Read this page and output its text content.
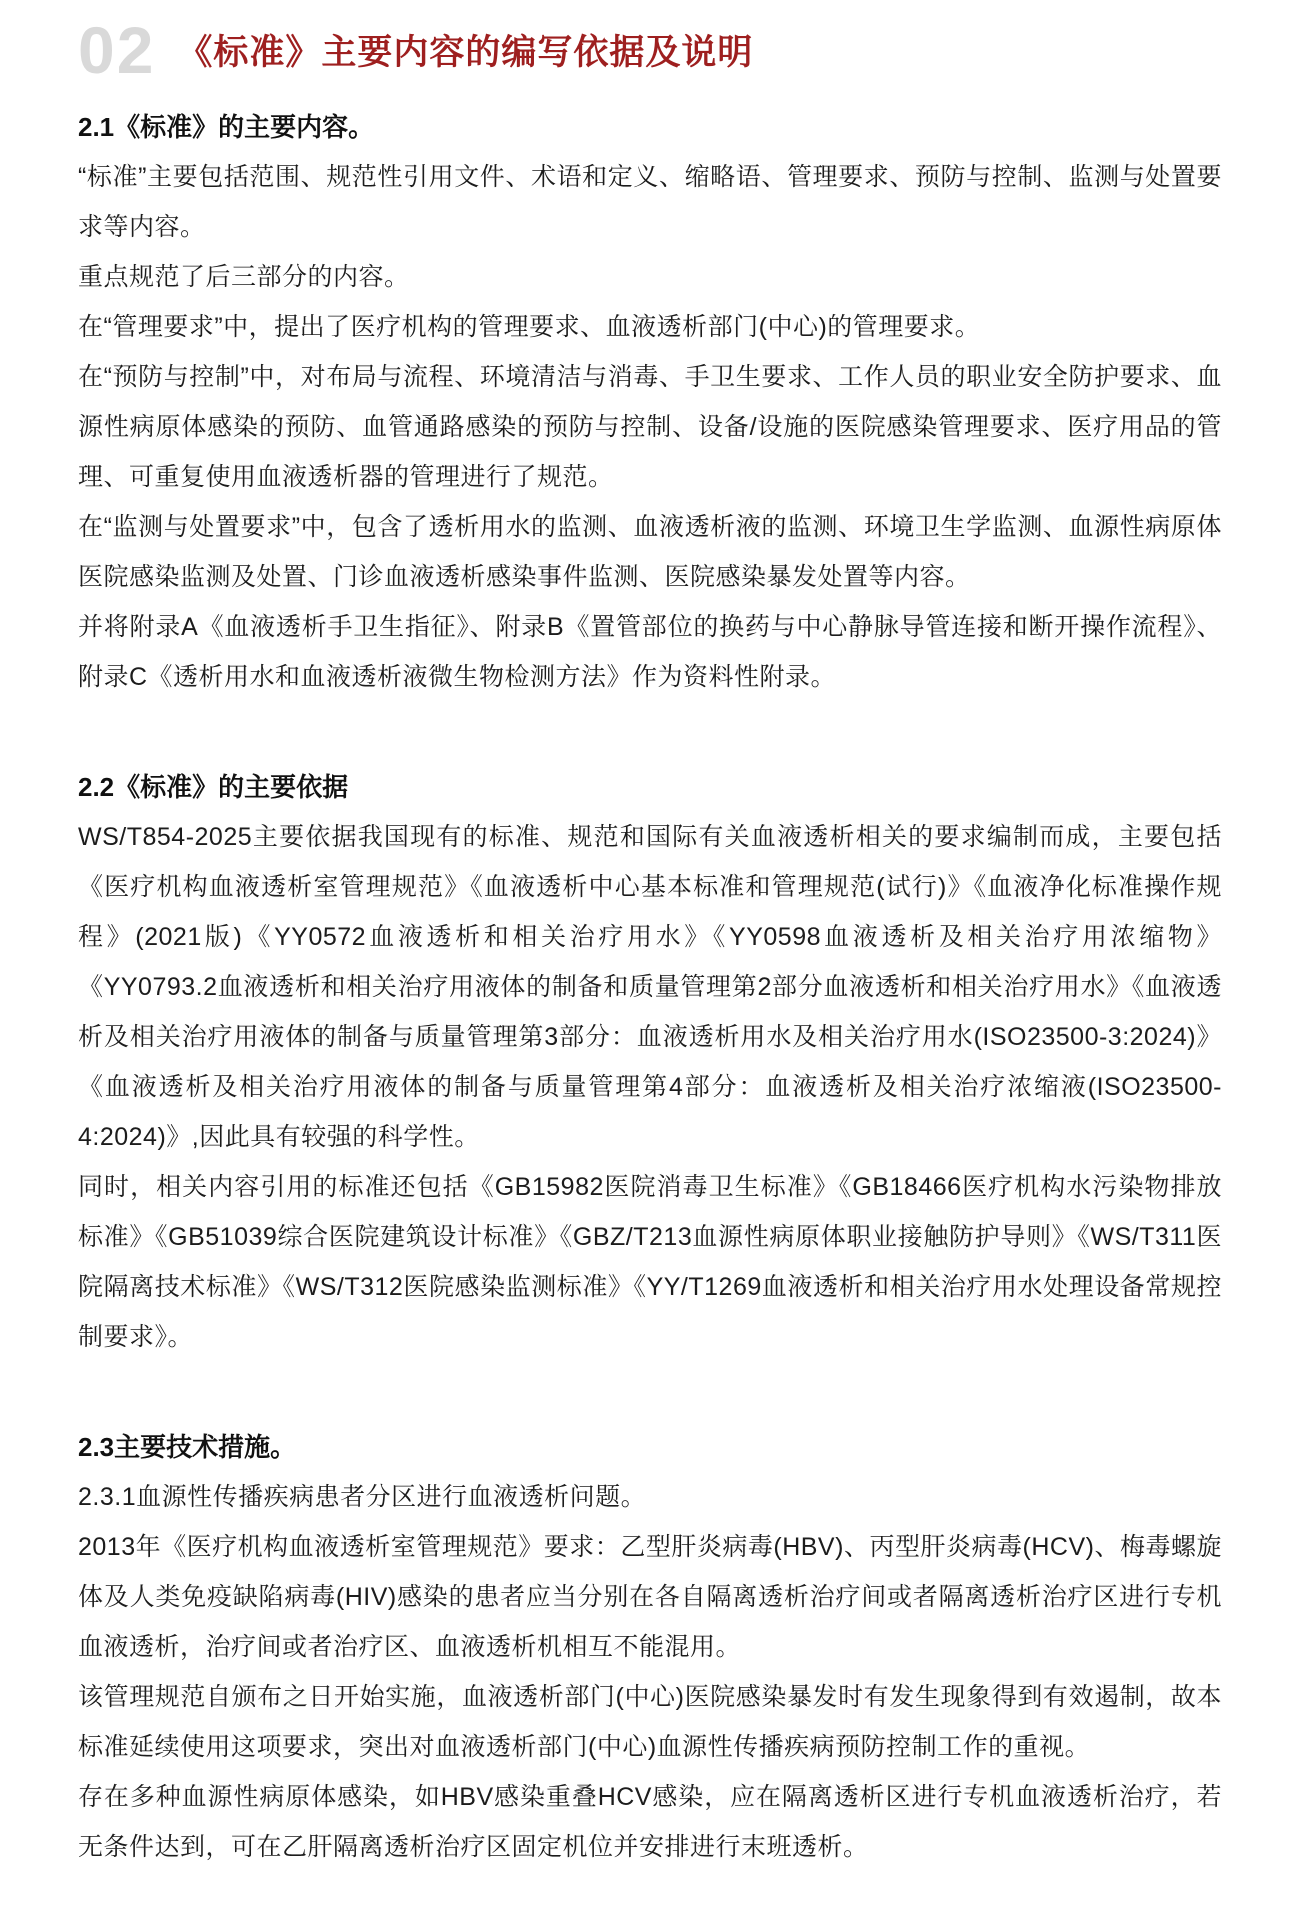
02 《标准》主要内容的编写依据及说明
2.1《标准》的主要内容。

“标准”主要包括范围、规范性引用文件、术语和定义、缩略语、管理要求、预防与控制、监测与处置要求等内容。

重点规范了后三部分的内容。

在“管理要求”中，提出了医疗机构的管理要求、血液透析部门(中心)的管理要求。

在“预防与控制”中，对布局与流程、环境清洁与消毒、手卫生要求、工作人员的职业安全防护要求、血源性病原体感染的预防、血管通路感染的预防与控制、设备/设施的医院感染管理要求、医疗用品的管理、可重复使用血液透析器的管理进行了规范。

在“监测与处置要求”中，包含了透析用水的监测、血液透析液的监测、环境卫生学监测、血源性病原体医院感染监测及处置、门诊血液透析感染事件监测、医院感染暴发处置等内容。

并将附录A《血液透析手卫生指征》、附录B《置管部位的换药与中心静脉导管连接和断开操作流程》、附录C《透析用水和血液透析液微生物检测方法》作为资料性附录。

2.2《标准》的主要依据

WS/T854-2025主要依据我国现有的标准、规范和国际有关血液透析相关的要求编制而成，主要包括《医疗机构血液透析室管理规范》《血液透析中心基本标准和管理规范(试行)》《血液净化标准操作规程》(2021版)《YY0572血液透析和相关治疗用水》《YY0598血液透析及相关治疗用浓缩物》《YY0793.2血液透析和相关治疗用液体的制备和质量管理第2部分血液透析和相关治疗用水》《血液透析及相关治疗用液体的制备与质量管理第3部分：血液透析用水及相关治疗用水(ISO23500-3:2024)》《血液透析及相关治疗用液体的制备与质量管理第4部分：血液透析及相关治疗浓缩液(ISO23500-4:2024)》,因此具有较强的科学性。

同时，相关内容引用的标准还包括《GB15982医院消毒卫生标准》《GB18466医疗机构水污染物排放标准》《GB51039综合医院建筑设计标准》《GBZ/T213血源性病原体职业接触防护导则》《WS/T311医院隔离技术标准》《WS/T312医院感染监测标准》《YY/T1269血液透析和相关治疗用水处理设备常规控制要求》。

2.3主要技术措施。

2.3.1血源性传播疾病患者分区进行血液透析问题。

2013年《医疗机构血液透析室管理规范》要求：乙型肝炎病毒(HBV)、丙型肝炎病毒(HCV)、梅毒螺旋体及人类免疫缺陷病毒(HIV)感染的患者应当分别在各自隔离透析治疗间或者隔离透析治疗区进行专机血液透析，治疗间或者治疗区、血液透析机相互不能混用。

该管理规范自颁布之日开始实施，血液透析部门(中心)医院感染暴发时有发生现象得到有效遏制，故本标准延续使用这项要求，突出对血液透析部门(中心)血源性传播疾病预防控制工作的重视。

存在多种血源性病原体感染，如HBV感染重叠HCV感染，应在隔离透析区进行专机血液透析治疗，若无条件达到，可在乙肝隔离透析治疗区固定机位并安排进行末班透析。
